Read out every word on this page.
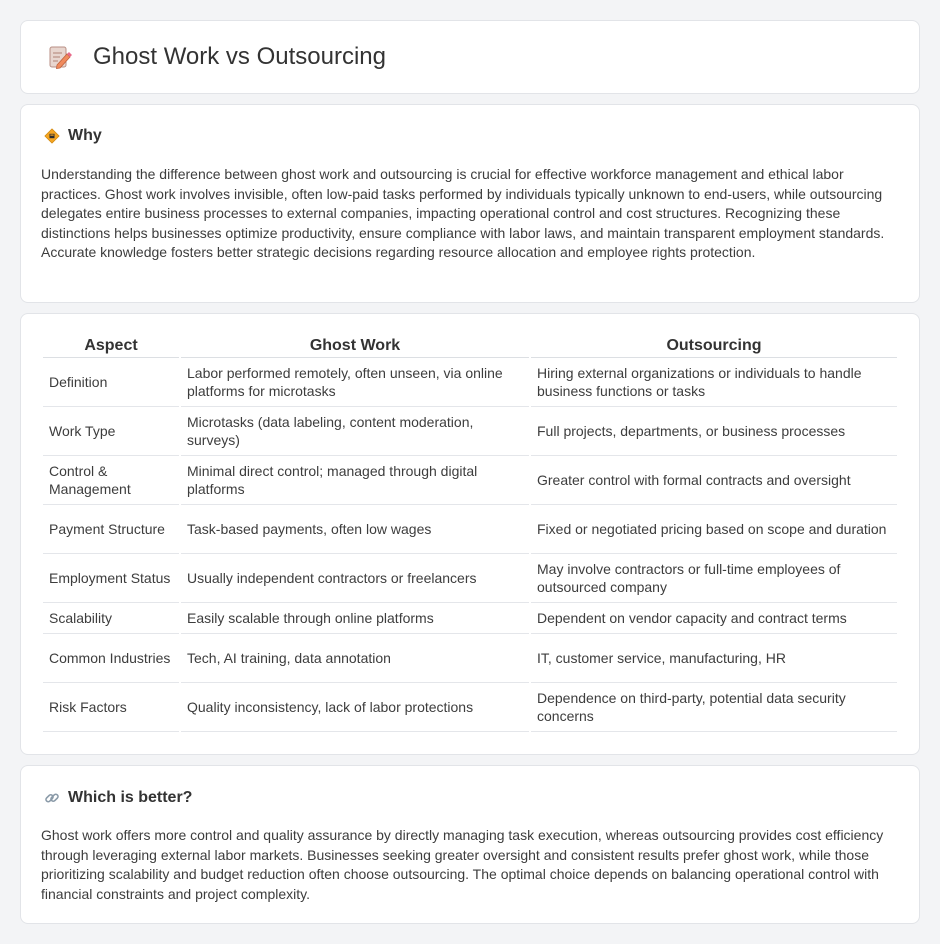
Ghost Work vs Outsourcing
Why

Understanding the difference between ghost work and outsourcing is crucial for effective workforce management and ethical labor practices. Ghost work involves invisible, often low-paid tasks performed by individuals typically unknown to end-users, while outsourcing delegates entire business processes to external companies, impacting operational control and cost structures. Recognizing these distinctions helps businesses optimize productivity, ensure compliance with labor laws, and maintain transparent employment standards. Accurate knowledge fosters better strategic decisions regarding resource allocation and employee rights protection.

Aspect	Ghost Work	Outsourcing
Definition	Labor performed remotely, often unseen, via online platforms for microtasks	Hiring external organizations or individuals to handle business functions or tasks
Work Type	Microtasks (data labeling, content moderation, surveys)	Full projects, departments, or business processes
Control & Management	Minimal direct control; managed through digital platforms	Greater control with formal contracts and oversight
Payment Structure	Task-based payments, often low wages	Fixed or negotiated pricing based on scope and duration
Employment Status	Usually independent contractors or freelancers	May involve contractors or full-time employees of outsourced company
Scalability	Easily scalable through online platforms	Dependent on vendor capacity and contract terms
Common Industries	Tech, AI training, data annotation	IT, customer service, manufacturing, HR
Risk Factors	Quality inconsistency, lack of labor protections	Dependence on third-party, potential data security concerns
Which is better?

Ghost work offers more control and quality assurance by directly managing task execution, whereas outsourcing provides cost efficiency through leveraging external labor markets. Businesses seeking greater oversight and consistent results prefer ghost work, while those prioritizing scalability and budget reduction often choose outsourcing. The optimal choice depends on balancing operational control with financial constraints and project complexity.
